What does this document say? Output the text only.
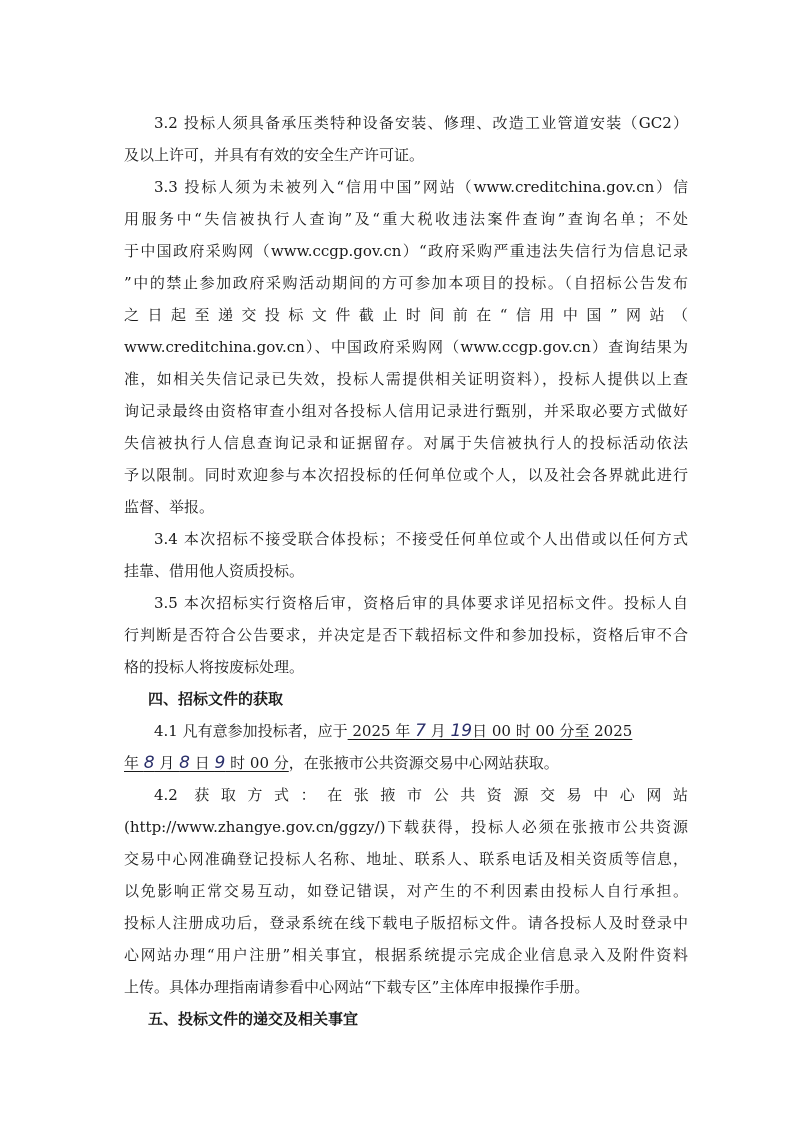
3.2 投标人须具备承压类特种设备安装、修理、改造工业管道安装（GC2）
及以上许可，并具有有效的安全生产许可证。
3.3 投标人须为未被列入“信用中国”网站（www.creditchina.gov.cn）信
用服务中“失信被执行人查询”及“重大税收违法案件查询”查询名单；不处
于中国政府采购网（www.ccgp.gov.cn）“政府采购严重违法失信行为信息记录
”中的禁止参加政府采购活动期间的方可参加本项目的投标。（自招标公告发布
之日起至递交投标文件截止时间前在“信用中国”网站（
www.creditchina.gov.cn）、中国政府采购网（www.ccgp.gov.cn）查询结果为
准，如相关失信记录已失效，投标人需提供相关证明资料），投标人提供以上查
询记录最终由资格审查小组对各投标人信用记录进行甄别，并采取必要方式做好
失信被执行人信息查询记录和证据留存。对属于失信被执行人的投标活动依法
予以限制。同时欢迎参与本次招投标的任何单位或个人，以及社会各界就此进行
监督、举报。
3.4 本次招标不接受联合体投标；不接受任何单位或个人出借或以任何方式
挂靠、借用他人资质投标。
3.5 本次招标实行资格后审，资格后审的具体要求详见招标文件。投标人自
行判断是否符合公告要求，并决定是否下载招标文件和参加投标，资格后审不合
格的投标人将按废标处理。
四、招标文件的获取
4.1 凡有意参加投标者，应于 2025 年 7 月 19日 00 时 00 分至 2025
年 8 月 8 日 9 时 00 分，在张掖市公共资源交易中心网站获取。
4.2 获取方式：在张掖市公共资源交易中心网站
(http://www.zhangye.gov.cn/ggzy/)下载获得，投标人必须在张掖市公共资源
交易中心网准确登记投标人名称、地址、联系人、联系电话及相关资质等信息，
以免影响正常交易互动，如登记错误，对产生的不利因素由投标人自行承担。
投标人注册成功后，登录系统在线下载电子版招标文件。请各投标人及时登录中
心网站办理“用户注册”相关事宜，根据系统提示完成企业信息录入及附件资料
上传。具体办理指南请参看中心网站“下载专区”主体库申报操作手册。
五、投标文件的递交及相关事宜
